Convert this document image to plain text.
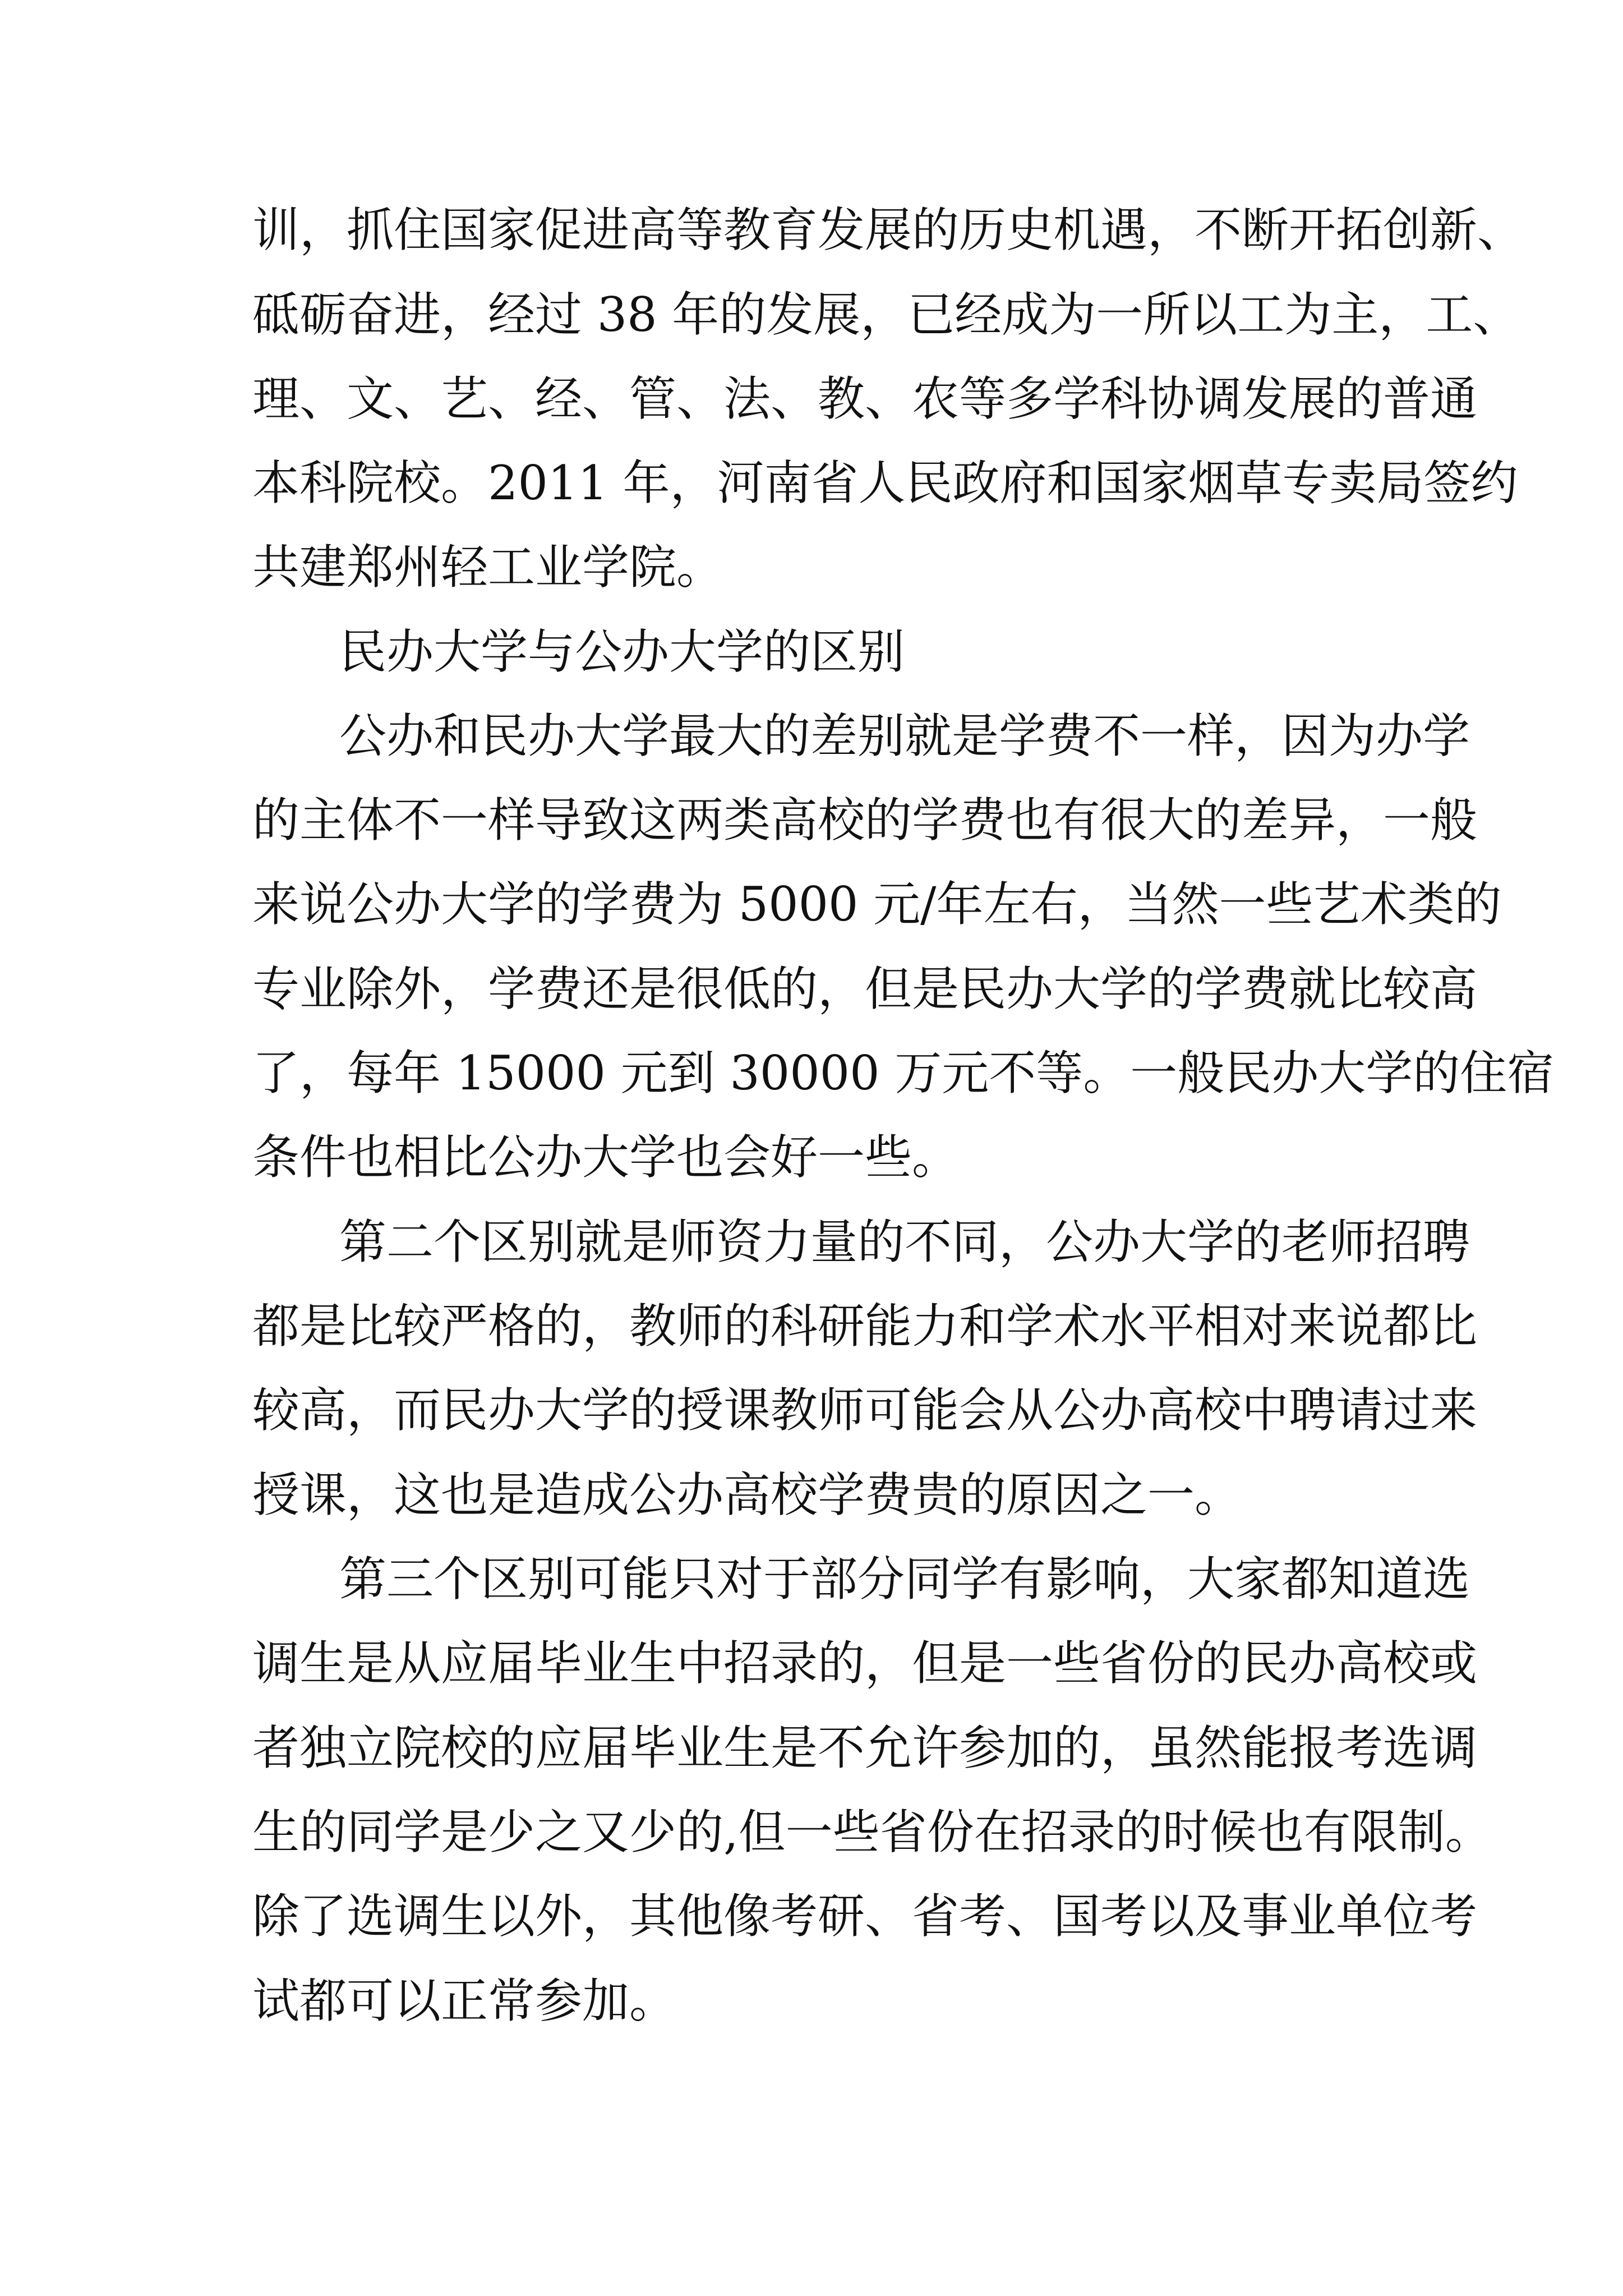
训，抓住国家促进高等教育发展的历史机遇，不断开拓创新、

砥砺奋进，经过 38 年的发展，已经成为一所以工为主，工、

理、文、艺、经、管、法、教、农等多学科协调发展的普通

本科院校。2011 年，河南省人民政府和国家烟草专卖局签约

共建郑州轻工业学院。

民办大学与公办大学的区别

公办和民办大学最大的差别就是学费不一样，因为办学

的主体不一样导致这两类高校的学费也有很大的差异，一般

来说公办大学的学费为 5000 元/年左右，当然一些艺术类的

专业除外，学费还是很低的，但是民办大学的学费就比较高

了，每年 15000 元到 30000 万元不等。一般民办大学的住宿

条件也相比公办大学也会好一些。

第二个区别就是师资力量的不同，公办大学的老师招聘

都是比较严格的，教师的科研能力和学术水平相对来说都比

较高，而民办大学的授课教师可能会从公办高校中聘请过来

授课，这也是造成公办高校学费贵的原因之一。

第三个区别可能只对于部分同学有影响，大家都知道选

调生是从应届毕业生中招录的，但是一些省份的民办高校或

者独立院校的应届毕业生是不允许参加的，虽然能报考选调

生的同学是少之又少的,但一些省份在招录的时候也有限制。

除了选调生以外，其他像考研、省考、国考以及事业单位考

试都可以正常参加。
